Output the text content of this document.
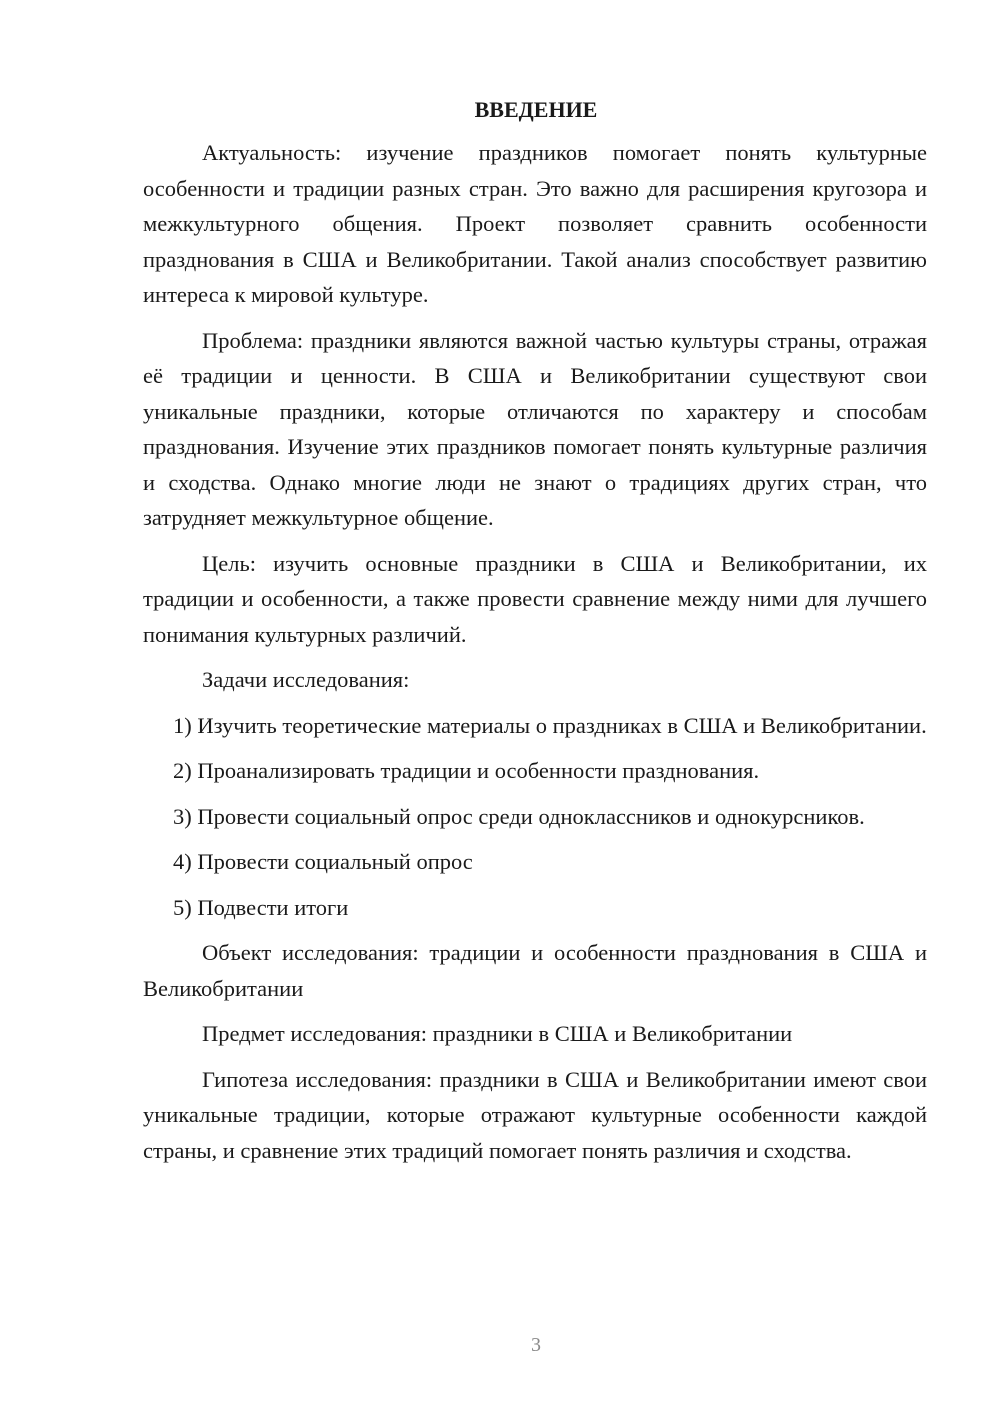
ВВЕДЕНИЕ

Актуальность: изучение праздников помогает понять культурные особенности и традиции разных стран. Это важно для расширения кругозора и межкультурного общения. Проект позволяет сравнить особенности празднования в США и Великобритании. Такой анализ способствует развитию интереса к мировой культуре.

Проблема: праздники являются важной частью культуры страны, отражая её традиции и ценности. В США и Великобритании существуют свои уникальные праздники, которые отличаются по характеру и способам празднования. Изучение этих праздников помогает понять культурные различия и сходства. Однако многие люди не знают о традициях других стран, что затрудняет межкультурное общение.

Цель: изучить основные праздники в США и Великобритании, их традиции и особенности, а также провести сравнение между ними для лучшего понимания культурных различий.

Задачи исследования:

1) Изучить теоретические материалы о праздниках в США и Великобритании.

2) Проанализировать традиции и особенности празднования.

3) Провести социальный опрос среди одноклассников и однокурсников.

4) Провести социальный опрос

5) Подвести итоги

Объект исследования: традиции и особенности празднования в США и Великобритании

Предмет исследования: праздники в США и Великобритании

Гипотеза исследования: праздники в США и Великобритании имеют свои уникальные традиции, которые отражают культурные особенности каждой страны, и сравнение этих традиций помогает понять различия и сходства.

3
